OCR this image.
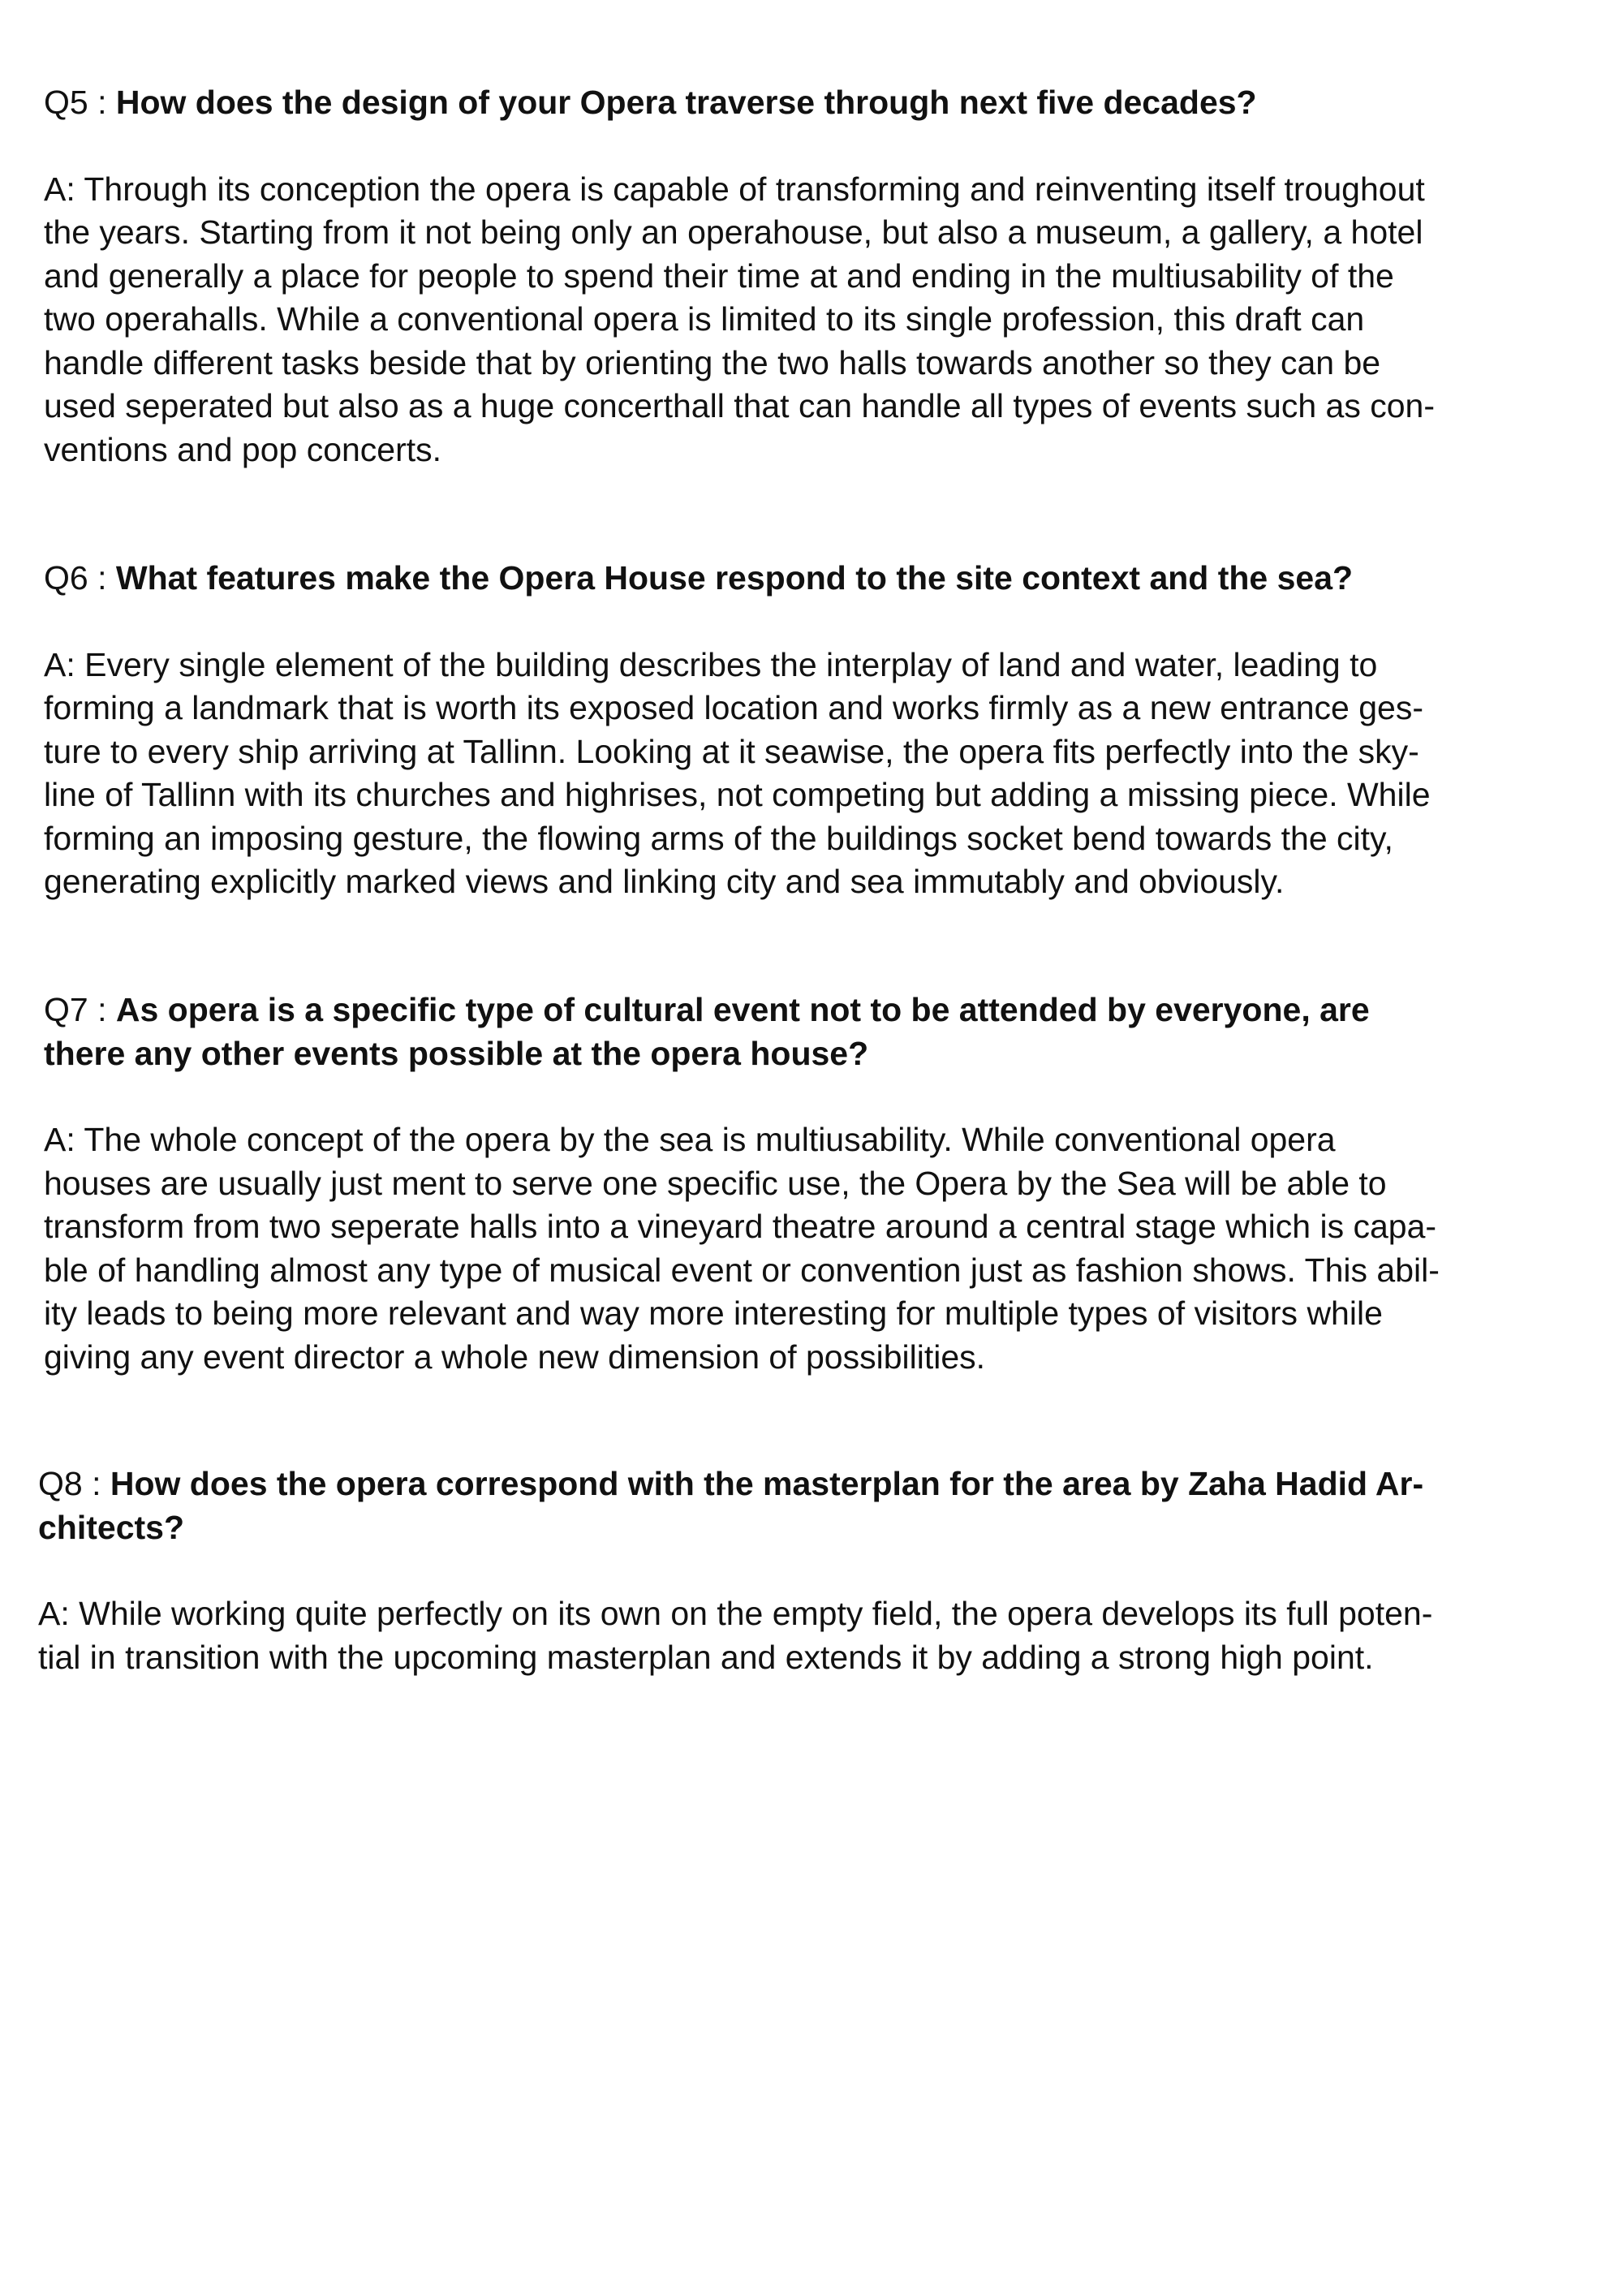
Q5 : How does the design of your Opera traverse through next five decades?

A: Through its conception the opera is capable of transforming and reinventing itself troughout

the years. Starting from it not being only an operahouse, but also a museum, a gallery, a hotel

and generally a place for people to spend their time at and ending in the multiusability of the

two operahalls. While a conventional opera is limited to its single profession, this draft can

handle different tasks beside that by orienting the two halls towards another so they can be

used seperated but also as a huge concerthall that can handle all types of events such as con-

ventions and pop concerts.

Q6 : What features make the Opera House respond to the site context and the sea?

A: Every single element of the building describes the interplay of land and water, leading to

forming a landmark that is worth its exposed location and works firmly as a new entrance ges-

ture to every ship arriving at Tallinn. Looking at it seawise, the opera fits perfectly into the sky-

line of Tallinn with its churches and highrises, not competing but adding a missing piece. While

forming an imposing gesture, the flowing arms of the buildings socket bend towards the city,

generating explicitly marked views and linking city and sea immutably and obviously.

Q7 : As opera is a specific type of cultural event not to be attended by everyone, are

there any other events possible at the opera house?

A: The whole concept of the opera by the sea is multiusability. While conventional opera

houses are usually just ment to serve one specific use, the Opera by the Sea will be able to

transform from two seperate halls into a vineyard theatre around a central stage which is capa-

ble of handling almost any type of musical event or convention just as fashion shows. This abil-

ity leads to being more relevant and way more interesting for multiple types of visitors while

giving any event director a whole new dimension of possibilities.

Q8 : How does the opera correspond with the masterplan for the area by Zaha Hadid Ar-

chitects?

A: While working quite perfectly on its own on the empty field, the opera develops its full poten-

tial in transition with the upcoming masterplan and extends it by adding a strong high point.
